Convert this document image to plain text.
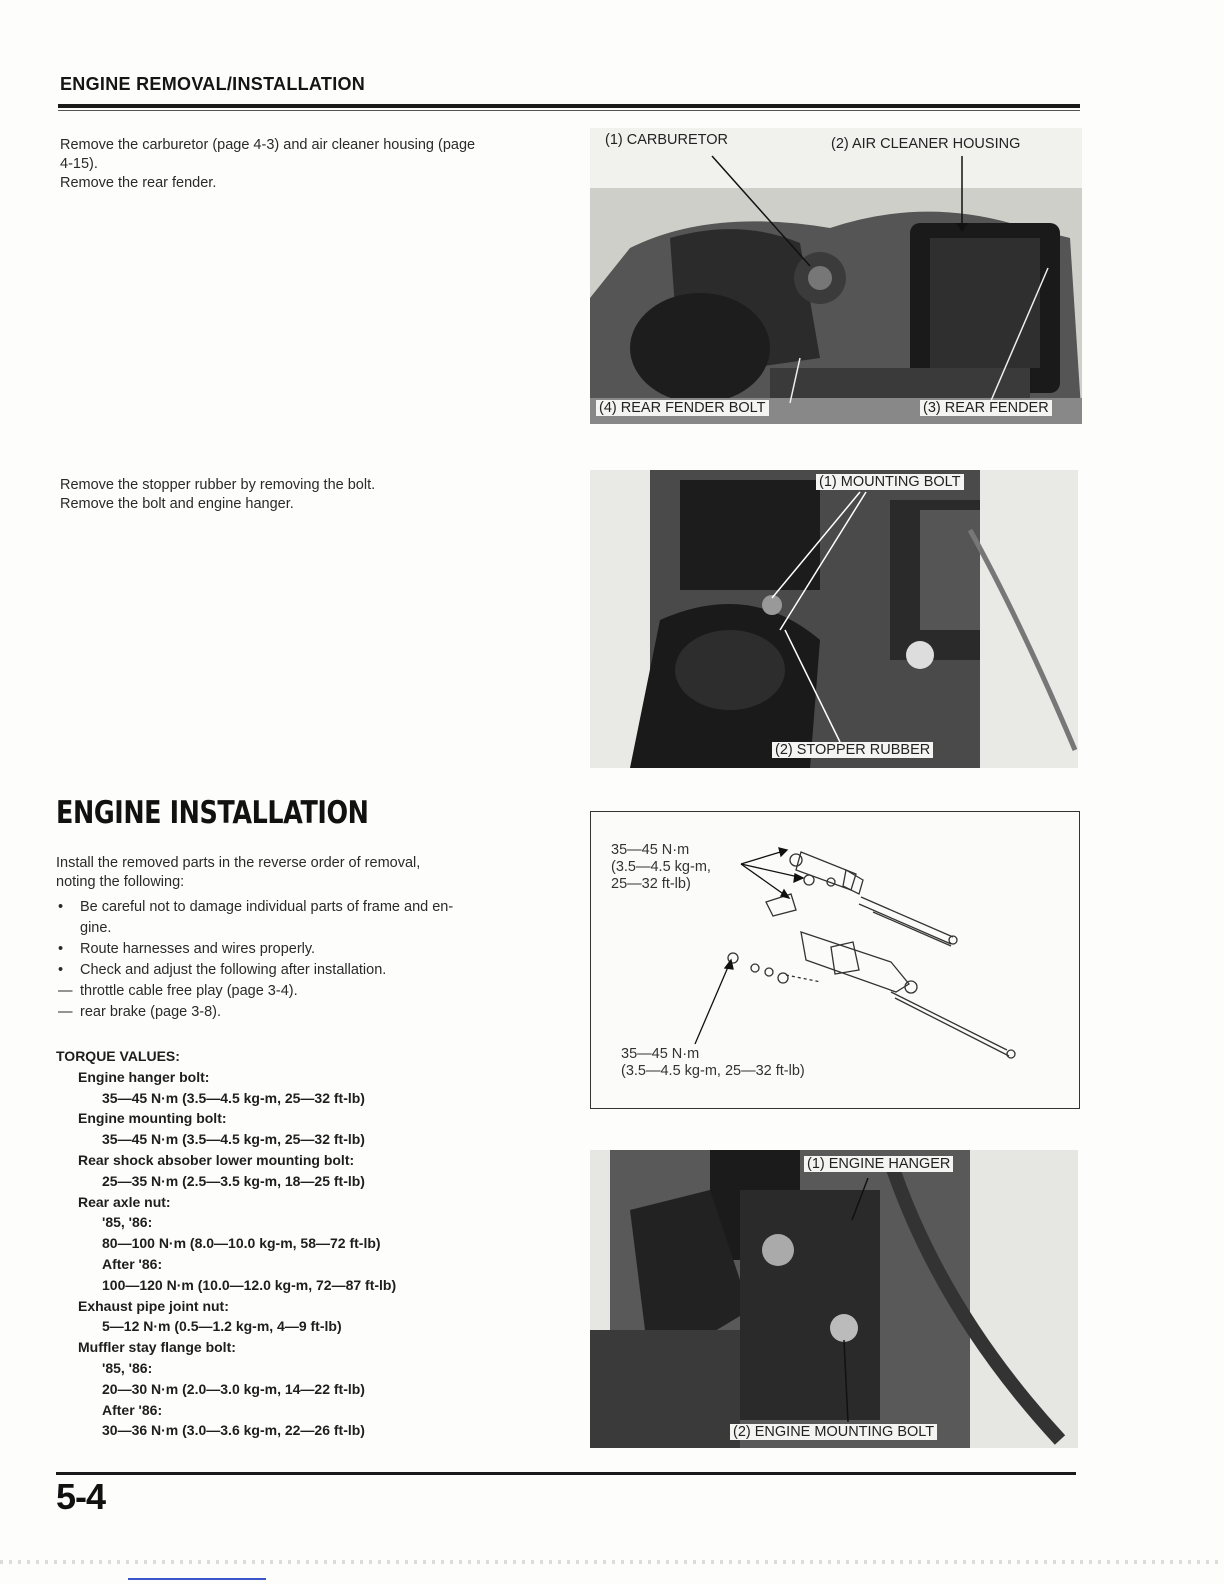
ENGINE REMOVAL/INSTALLATION
Remove the carburetor (page 4-3) and air cleaner housing (page
4-15).
Remove the rear fender.
Remove the stopper rubber by removing the bolt.
Remove the bolt and engine hanger.
(1) CARBURETOR	(2) AIR CLEANER HOUSING
(4) REAR FENDER BOLT	(3) REAR FENDER
(1) MOUNTING BOLT
(2) STOPPER RUBBER
ENGINE INSTALLATION
Install the removed parts in the reverse order of removal,
noting the following:
•	Be careful not to damage individual parts of frame and en-
gine.
•	Route harnesses and wires properly.
•	Check and adjust the following after installation.
— throttle cable free play (page 3-4).
— rear brake (page 3-8).
TORQUE VALUES:
Engine hanger bolt:
35—45 N·m (3.5—4.5 kg-m, 25—32 ft-lb)
Engine mounting bolt:
35—45 N·m (3.5—4.5 kg-m, 25—32 ft-lb)
Rear shock absober lower mounting bolt:
25—35 N·m (2.5—3.5 kg-m, 18—25 ft-lb)
Rear axle nut:
'85, '86:
80—100 N·m (8.0—10.0 kg-m, 58—72 ft-lb)
After '86:
100—120 N·m (10.0—12.0 kg-m, 72—87 ft-lb)
Exhaust pipe joint nut:
5—12 N·m (0.5—1.2 kg-m, 4—9 ft-lb)
Muffler stay flange bolt:
'85, '86:
20—30 N·m (2.0—3.0 kg-m, 14—22 ft-lb)
After '86:
30—36 N·m (3.0—3.6 kg-m, 22—26 ft-lb)
35—45 N·m
(3.5—4.5 kg-m,
25—32 ft-lb)
35—45 N·m
(3.5—4.5 kg-m, 25—32 ft-lb)
(1) ENGINE HANGER
(2) ENGINE MOUNTING BOLT
5-4
